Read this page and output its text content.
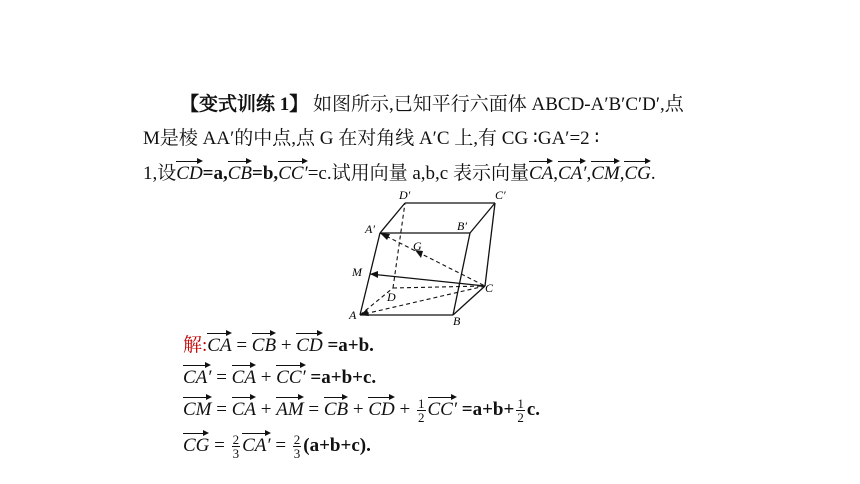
【变式训练 1】 如图所示,已知平行六面体 ABCD-A′B′C′D′,点
M是棱 AA′的中点,点 G 在对角线 A′C 上,有 CG ∶GA′=2 ∶
1,设CD=a,CB=b,CC′=c.试用向量 a,b,c 表示向量CA,CA′,CM,CG.
D′	C′
A′	B′
G
M
D
C
A	B
解:CA = CB + CD =a+b.
CA′ = CA + CC′ =a+b+c.
CM = CA + AM = CB + CD + $\frac{1}{2} CC' =a+b+ \frac{1}{2} c$.
CG = $\frac{2}{3} CA' = \frac{2}{3} (a+b+c)$.
